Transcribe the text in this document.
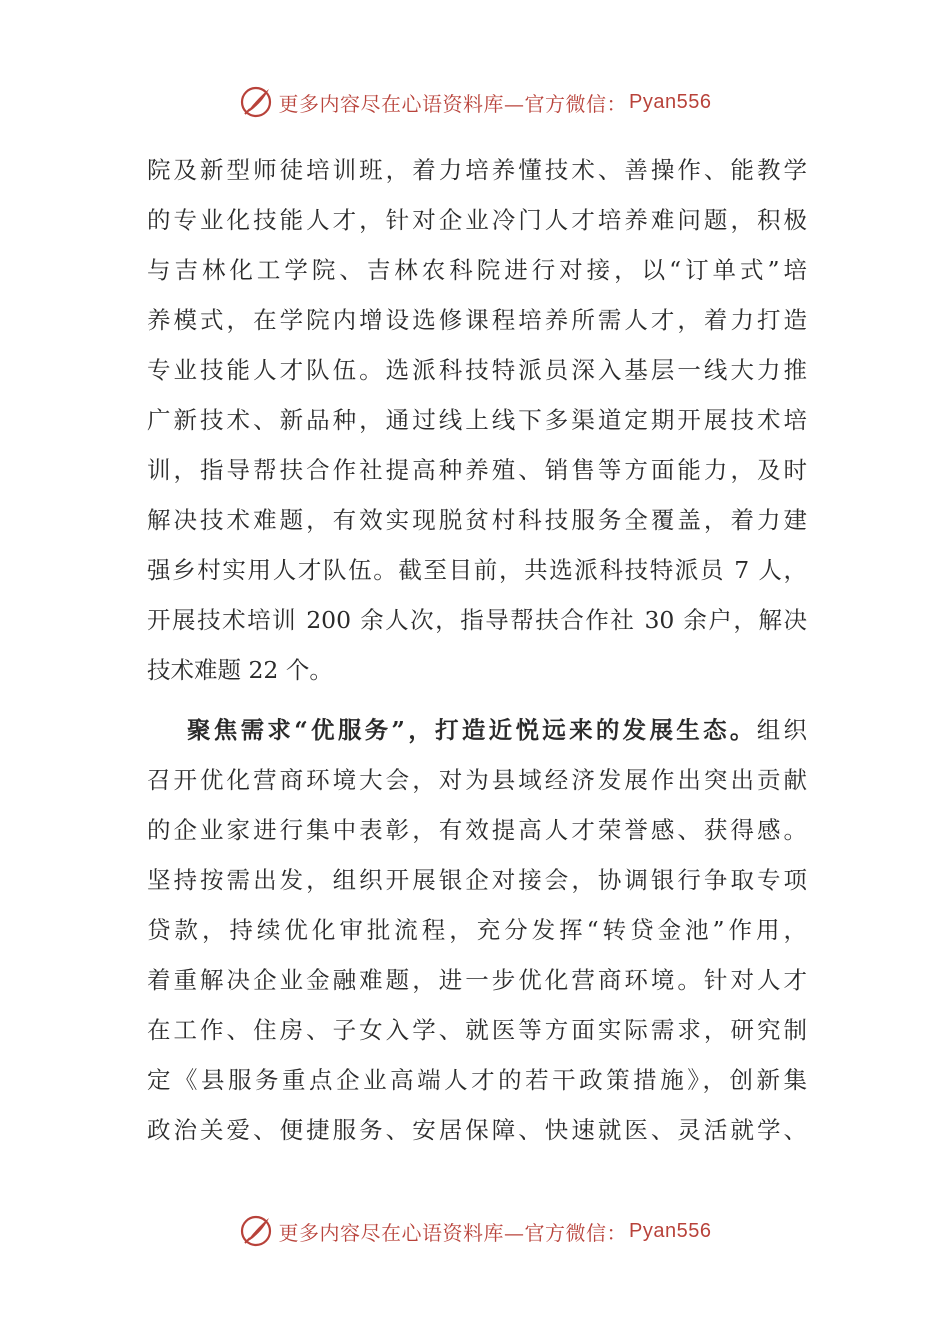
更多内容尽在心语资料库—官方微信： Pyan556
院及新型师徒培训班，着力培养懂技术、善操作、能教学
的专业化技能人才，针对企业冷门人才培养难问题，积极
与吉林化工学院、吉林农科院进行对接，以“订单式”培
养模式，在学院内增设选修课程培养所需人才，着力打造
专业技能人才队伍。选派科技特派员深入基层一线大力推
广新技术、新品种，通过线上线下多渠道定期开展技术培
训，指导帮扶合作社提高种养殖、销售等方面能力，及时
解决技术难题，有效实现脱贫村科技服务全覆盖，着力建
强乡村实用人才队伍。截至目前，共选派科技特派员 7 人，
开展技术培训 200 余人次，指导帮扶合作社 30 余户，解决
技术难题 22 个。
聚焦需求“优服务”，打造近悦远来的发展生态。组织
召开优化营商环境大会，对为县域经济发展作出突出贡献
的企业家进行集中表彰，有效提高人才荣誉感、获得感。
坚持按需出发，组织开展银企对接会，协调银行争取专项
贷款，持续优化审批流程，充分发挥“转贷金池”作用，
着重解决企业金融难题，进一步优化营商环境。针对人才
在工作、住房、子女入学、就医等方面实际需求，研究制
定《县服务重点企业高端人才的若干政策措施》，创新集
政治关爱、便捷服务、安居保障、快速就医、灵活就学、
更多内容尽在心语资料库—官方微信： Pyan556
